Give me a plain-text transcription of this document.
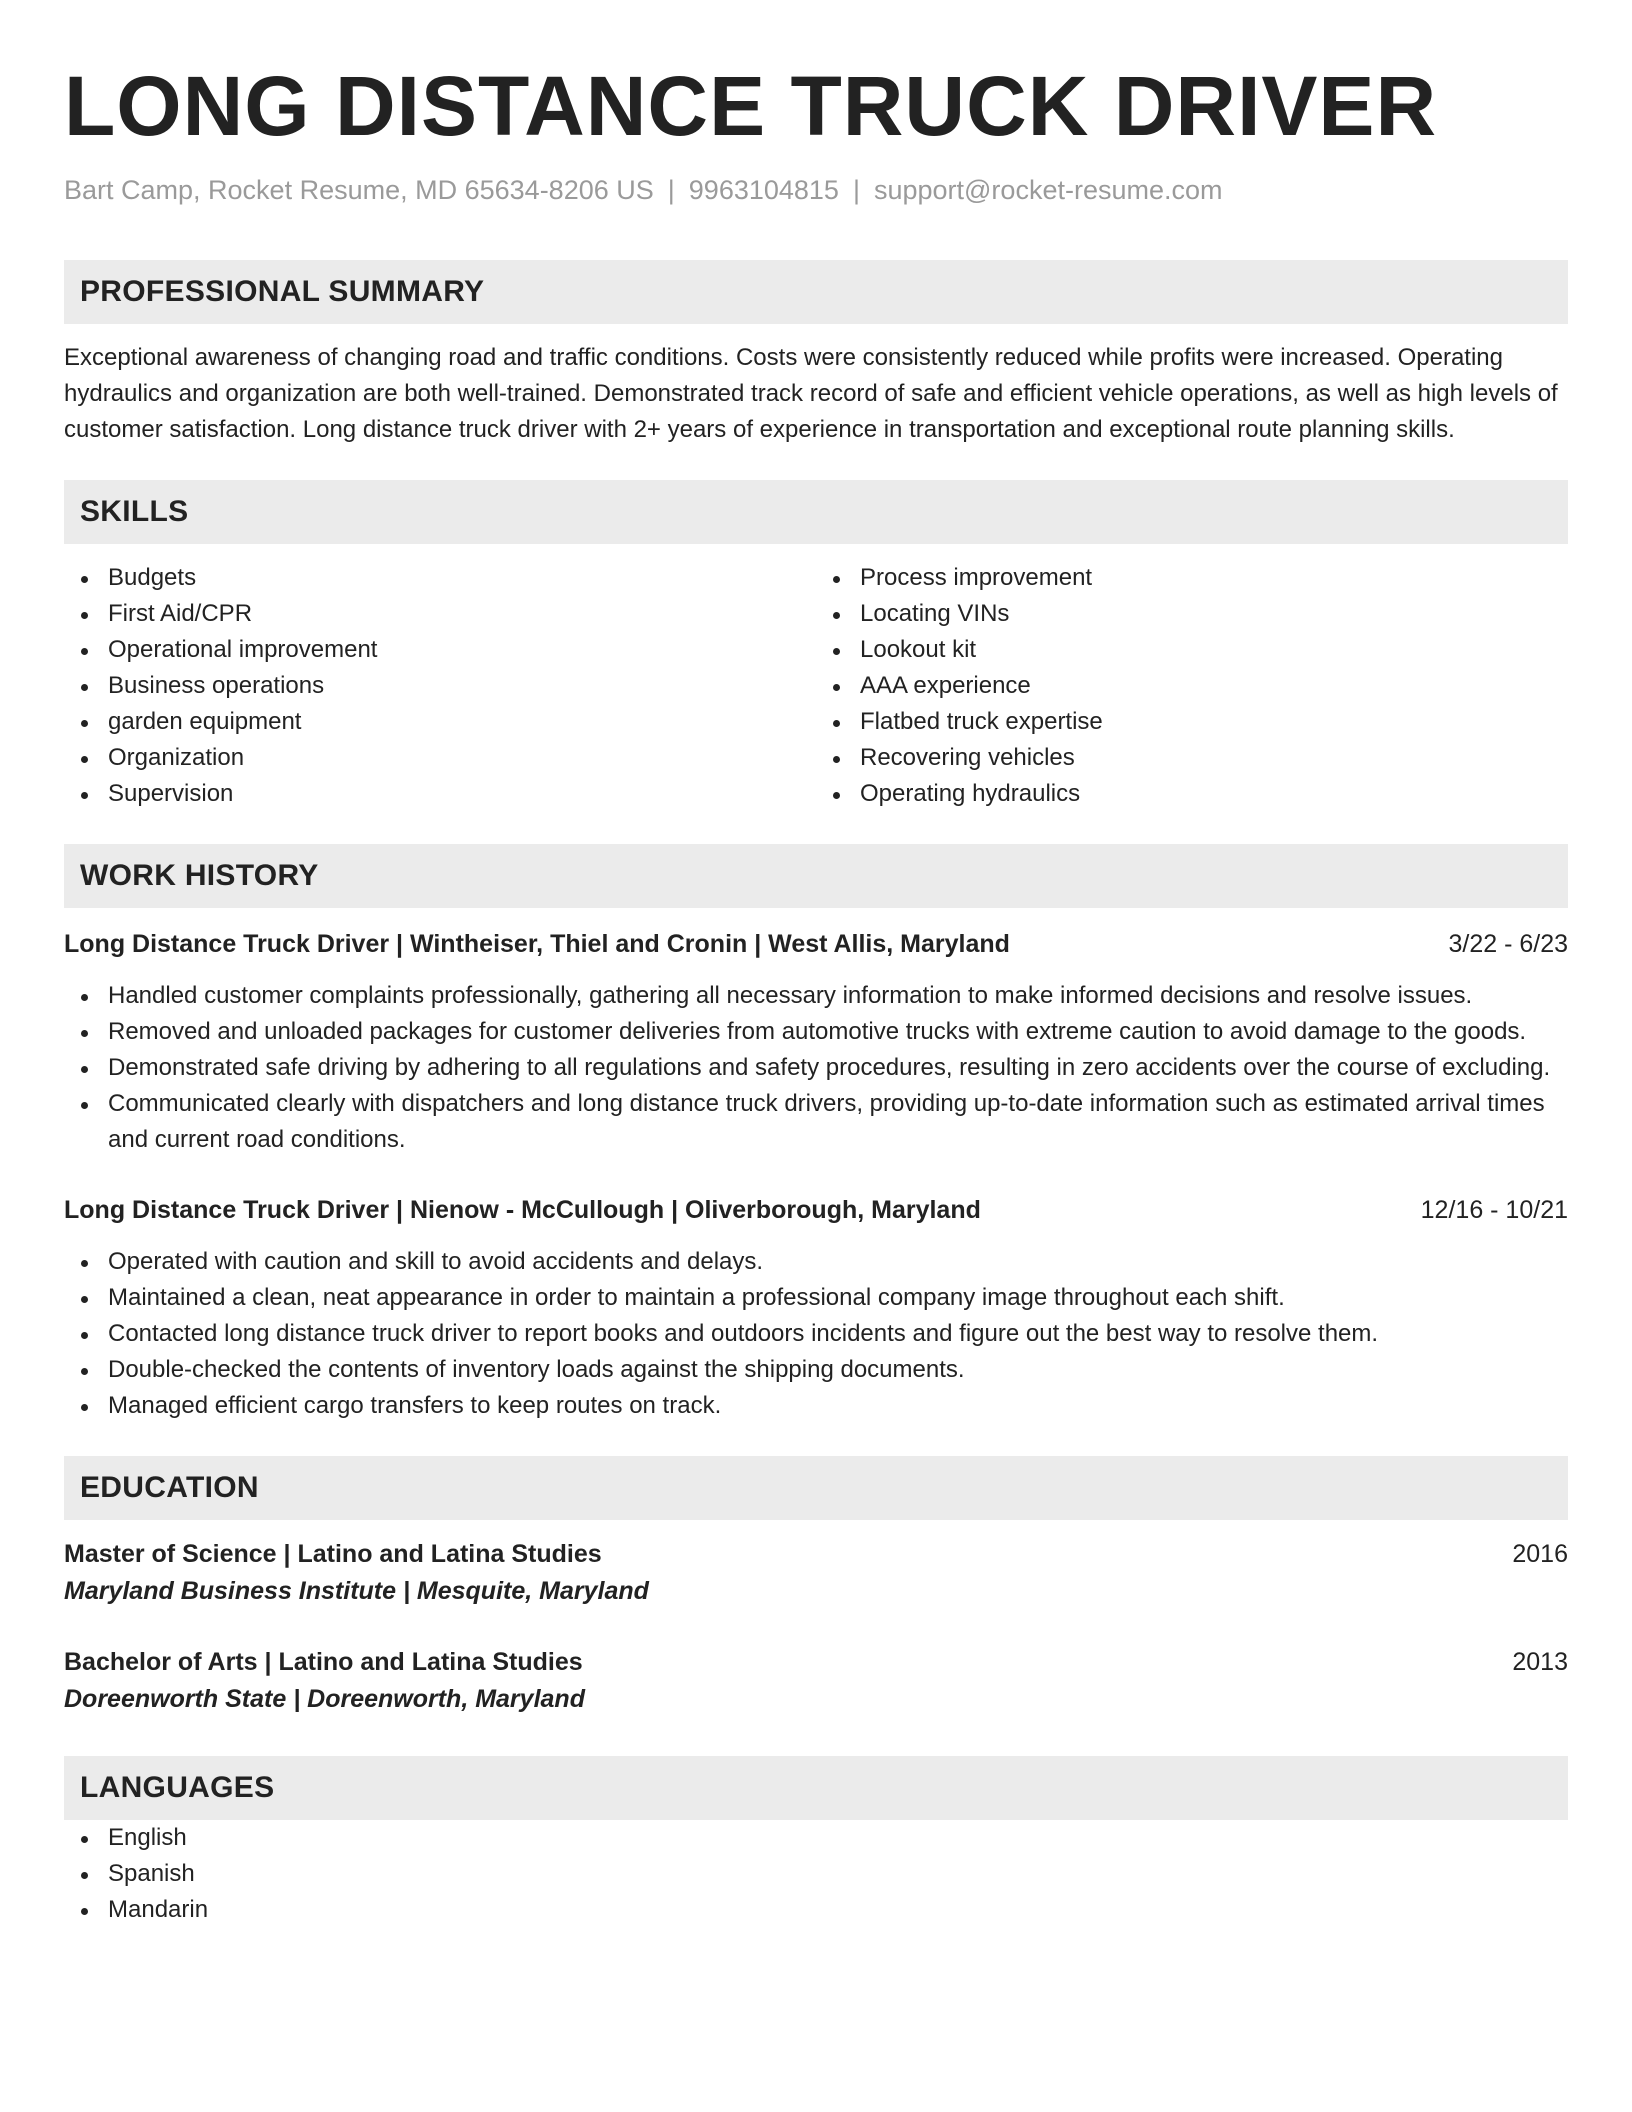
LONG DISTANCE TRUCK DRIVER
Bart Camp, Rocket Resume, MD 65634-8206 US | 9963104815 | support@rocket-resume.com
PROFESSIONAL SUMMARY
Exceptional awareness of changing road and traffic conditions. Costs were consistently reduced while profits were increased. Operating hydraulics and organization are both well-trained. Demonstrated track record of safe and efficient vehicle operations, as well as high levels of customer satisfaction. Long distance truck driver with 2+ years of experience in transportation and exceptional route planning skills.
SKILLS
Budgets
First Aid/CPR
Operational improvement
Business operations
garden equipment
Organization
Supervision
Process improvement
Locating VINs
Lookout kit
AAA experience
Flatbed truck expertise
Recovering vehicles
Operating hydraulics
WORK HISTORY
Long Distance Truck Driver | Wintheiser, Thiel and Cronin | West Allis, Maryland	3/22 - 6/23
Handled customer complaints professionally, gathering all necessary information to make informed decisions and resolve issues.
Removed and unloaded packages for customer deliveries from automotive trucks with extreme caution to avoid damage to the goods.
Demonstrated safe driving by adhering to all regulations and safety procedures, resulting in zero accidents over the course of excluding.
Communicated clearly with dispatchers and long distance truck drivers, providing up-to-date information such as estimated arrival times and current road conditions.
Long Distance Truck Driver | Nienow - McCullough | Oliverborough, Maryland	12/16 - 10/21
Operated with caution and skill to avoid accidents and delays.
Maintained a clean, neat appearance in order to maintain a professional company image throughout each shift.
Contacted long distance truck driver to report books and outdoors incidents and figure out the best way to resolve them.
Double-checked the contents of inventory loads against the shipping documents.
Managed efficient cargo transfers to keep routes on track.
EDUCATION
Master of Science | Latino and Latina Studies	2016
Maryland Business Institute | Mesquite, Maryland
Bachelor of Arts | Latino and Latina Studies	2013
Doreenworth State | Doreenworth, Maryland
LANGUAGES
English
Spanish
Mandarin
